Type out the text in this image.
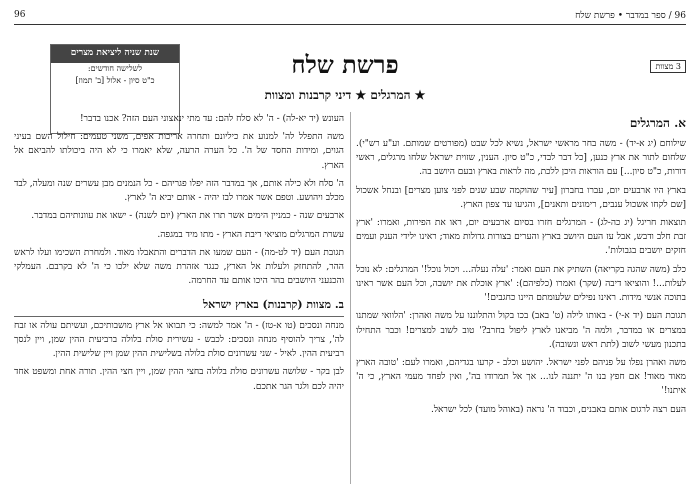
96 / ספר במדבר • פרשת שלח
96
שנת שניה ליציאת מצרים
לשלישה חודשים:
כ"ט סיון - אלול [ב' תמוז]
פרשת שלח
★ המרגלים ★ דיני קרבנות ומצוות
3 מצוות
א. המרגלים

שילוחם (יג א-יד) - משה בחר מראשי ישראל, נשיא לכל שבט (מפורטים שמותם. וע"ע רש"י). שלחום לתור את ארץ כנען, [כל דבר לבדי, כ"ט סיון. הענין, שזוית ישראל שלחו מרגלים, ראשי דורות, כ"ט סיון...] עם הוראות היכן ללכת, מה לראות בארץ ובעם היושב בה.

בארץ היו ארבעים יום, עברו בחברון [עיר שהוקמה שבע שנים לפני צוען מצרים] ובנחל אשכול [שם לקחו אשכול ענבים, רימונים ותאנים], והגיעו עד צפון הארץ.

תוצאות חריגל (יג כה-לג) - המרגלים חזרו בסיום ארבעים יום, ראו את הפירות, ואמרו: 'ארץ זבת חלב ודבש, אבל עז העם היושב בארץ והערים בצורות גדולות מאוד; ראינו ילידי הענק ועמים חזקים יושבים בגבולות'.

כלב (משה שהגה בקריאה) השתיק את העם ואמר: 'עלה נעלה... ויכול נוכל!' המרגלים: לא נוכל לעלות...! והוציאו דיבה (שקר) ואמרו (כלפיהם): 'ארץ אוכלת את יושבה, וכל העם אשר ראינו בתוכה אנשי מידות. ראינו נפילים שלעומתם היינו כחגבים!'

תגובת העם (יד א-י) - באותו לילה (ט' באב) בכו בקול והתלוננו על משה ואהרן: 'הלוואי שמתנו במצרים או במדבר, ולמה ה' מביאנו לארץ ליפול בחרב?' טוב לשוב למצרים! וכבר התחילו בתכנון מעשי לשוב (לתת ראש ונשובה).

משה ואהרן נפלו על פניהם לפני ישראל. יהושע וכלב - קרעו בגדיהם, ואמרו לעם: 'טובה הארץ מאוד מאוד! אם חפץ בנו ה' יתננה לנו... אך אל תמרודו בה', ואין לפחד מעמי הארץ, כי ה' איתנו!'

העם רצה לרגום אותם באבנים, וכבוד ה' נראה (באוהל מועד) לכל ישראל.

העונש (יד יא-לה) - ה' לא סלח להם: עד מתי ינאצוני העם הזה? אכנו בדבר!

משה התפלל לה' למנוע את כיליונם ותחרה אריכות אפים, משני טעמים: חילול השם בעיני הגוים, ומידות החסד של ה'. כל הערה הרעה, שלא יאמרו כי לא היה ביכולתו להביאם אל הארץ.

ה' סלח ולא כילה אותם, אך במדבר הזה יפלו פגריהם - כל הנמנים מבן עשרים שנה ומעלה, לבד מכלב ויהושע. וטפם אשר אמרו לבז יהיה - אותם יביא ה' לארץ.

ארבעים שנה - כמניין הימים אשר תרו את הארץ (יום לשנה) - ישאו את עוונותיהם במדבר.

עשרת המרגלים מוציאי דיבת הארץ - מתו מיד במגפה.

תגובת העם (יד לט-מה) - העם שמעו את הדברים והתאבלו מאוד. ולמחרת השכימו ועלו לראש ההר, להתחזק ולעלות אל הארץ, כנגד אזהרת משה שלא ילכו כי ה' לא בקרבם. העמלקי והכנעני היושבים בהר היכו אותם עד החרמה.

ב. מצוות (קרבנות) בארץ ישראל

מנחה ונסכים (טו א-טז) - ה' אמר למשה: כי תבואו אל ארץ מושבותיכם, ועשיתם עולה או זבח לה', צריך להוסיף מנחה ונסכים: לכבש - עשירית סולת בלולה ברביעית ההין שמן, ויין לנסך רביעית ההין. לאיל - שני עשרונים סולת בלולה בשלישית ההין שמן ויין שלישית ההין.

לבן בקר - שלושה עשרונים סולת בלולה בחצי ההין שמן, ויין חצי ההין. תורה אחת ומשפט אחד יהיה לכם ולגר הגר אתכם.
